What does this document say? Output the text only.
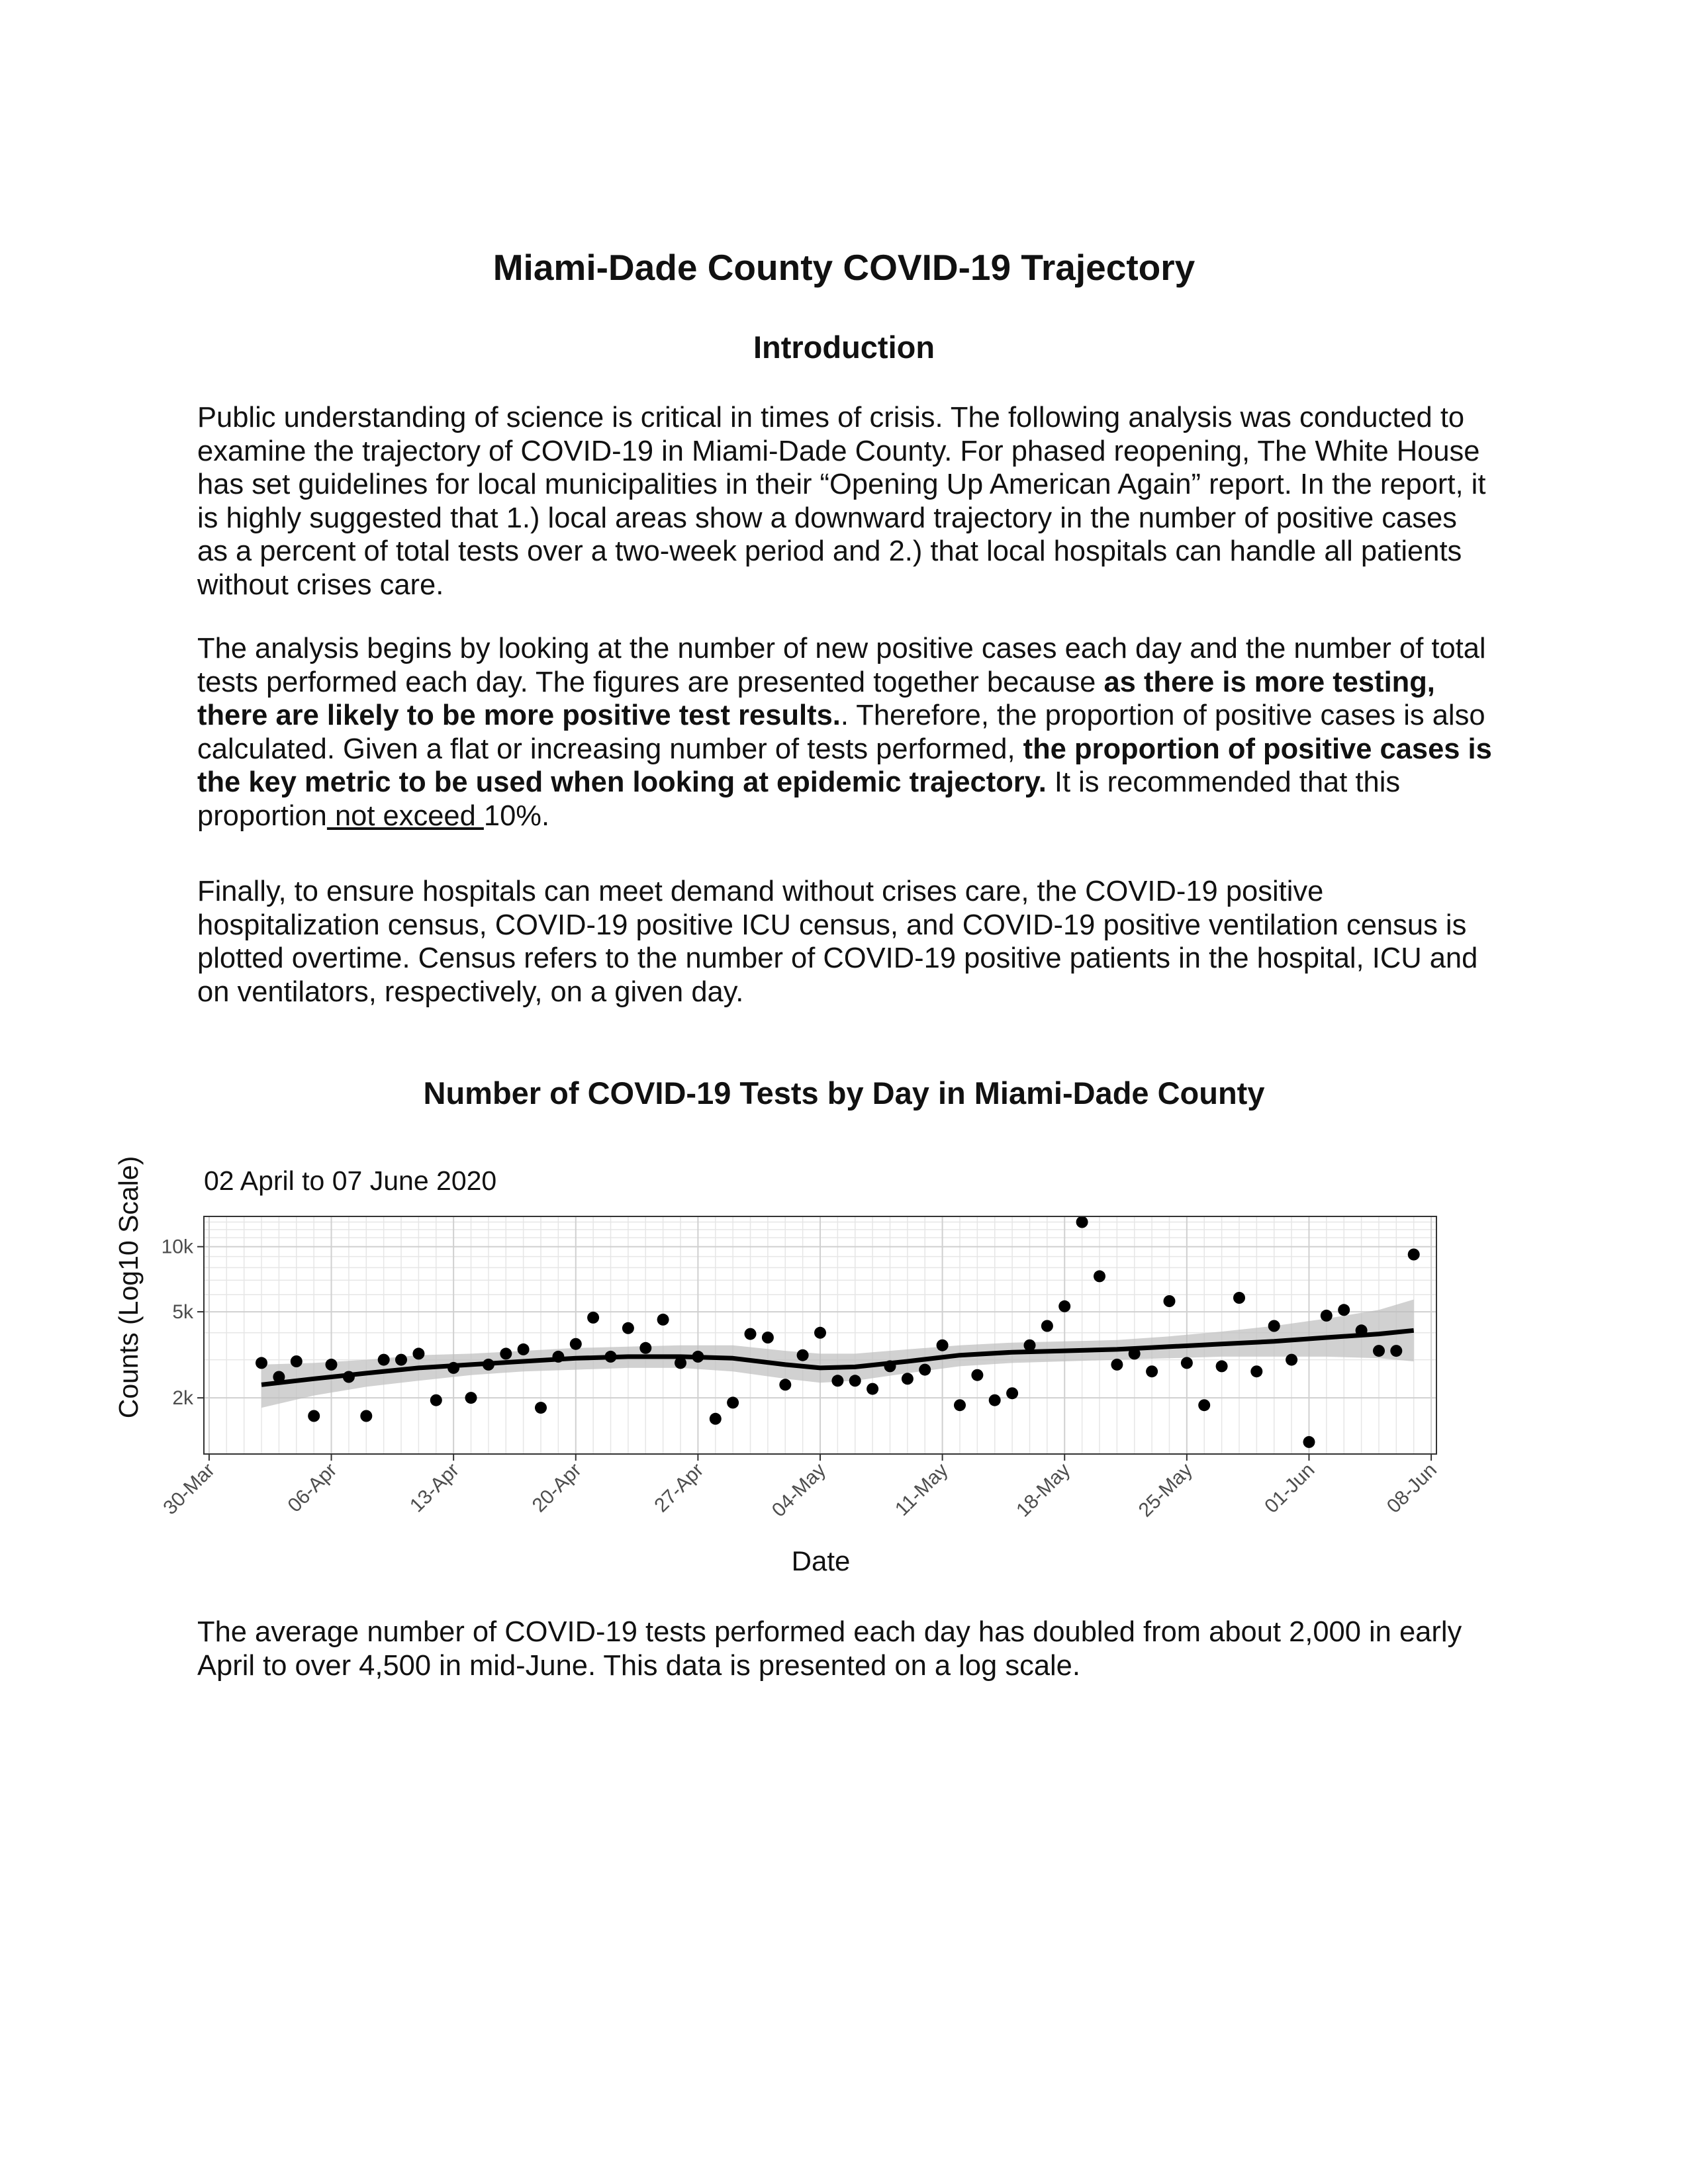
Miami-Dade County COVID-19 Trajectory
Introduction

Public understanding of science is critical in times of crisis. The following analysis was conducted to examine the trajectory of COVID-19 in Miami-Dade County. For phased reopening, The White House has set guidelines for local municipalities in their “Opening Up American Again” report. In the report, it is highly suggested that 1.) local areas show a downward trajectory in the number of positive cases as a percent of total tests over a two-week period and 2.) that local hospitals can handle all patients without crises care.

The analysis begins by looking at the number of new positive cases each day and the number of total tests performed each day. The figures are presented together because as there is more testing, there are likely to be more positive test results.. Therefore, the proportion of positive cases is also calculated. Given a flat or increasing number of tests performed, the proportion of positive cases is the key metric to be used when looking at epidemic trajectory. It is recommended that this proportion not exceed 10%.

Finally, to ensure hospitals can meet demand without crises care, the COVID-19 positive hospitalization census, COVID-19 positive ICU census, and COVID-19 positive ventilation census is plotted overtime. Census refers to the number of COVID-19 positive patients in the hospital, ICU and on ventilators, respectively, on a given day.

Number of COVID-19 Tests by Day in Miami-Dade County
2k
5k
10k
30-Mar	06-Apr	13-Apr	20-Apr	27-Apr	04-May	11-May	18-May	25-May	01-Jun	08-Jun
02 April to 07 June 2020
Date
Counts (Log10 Scale)

The average number of COVID-19 tests performed each day has doubled from about 2,000 in early April to over 4,500 in mid-June. This data is presented on a log scale.
